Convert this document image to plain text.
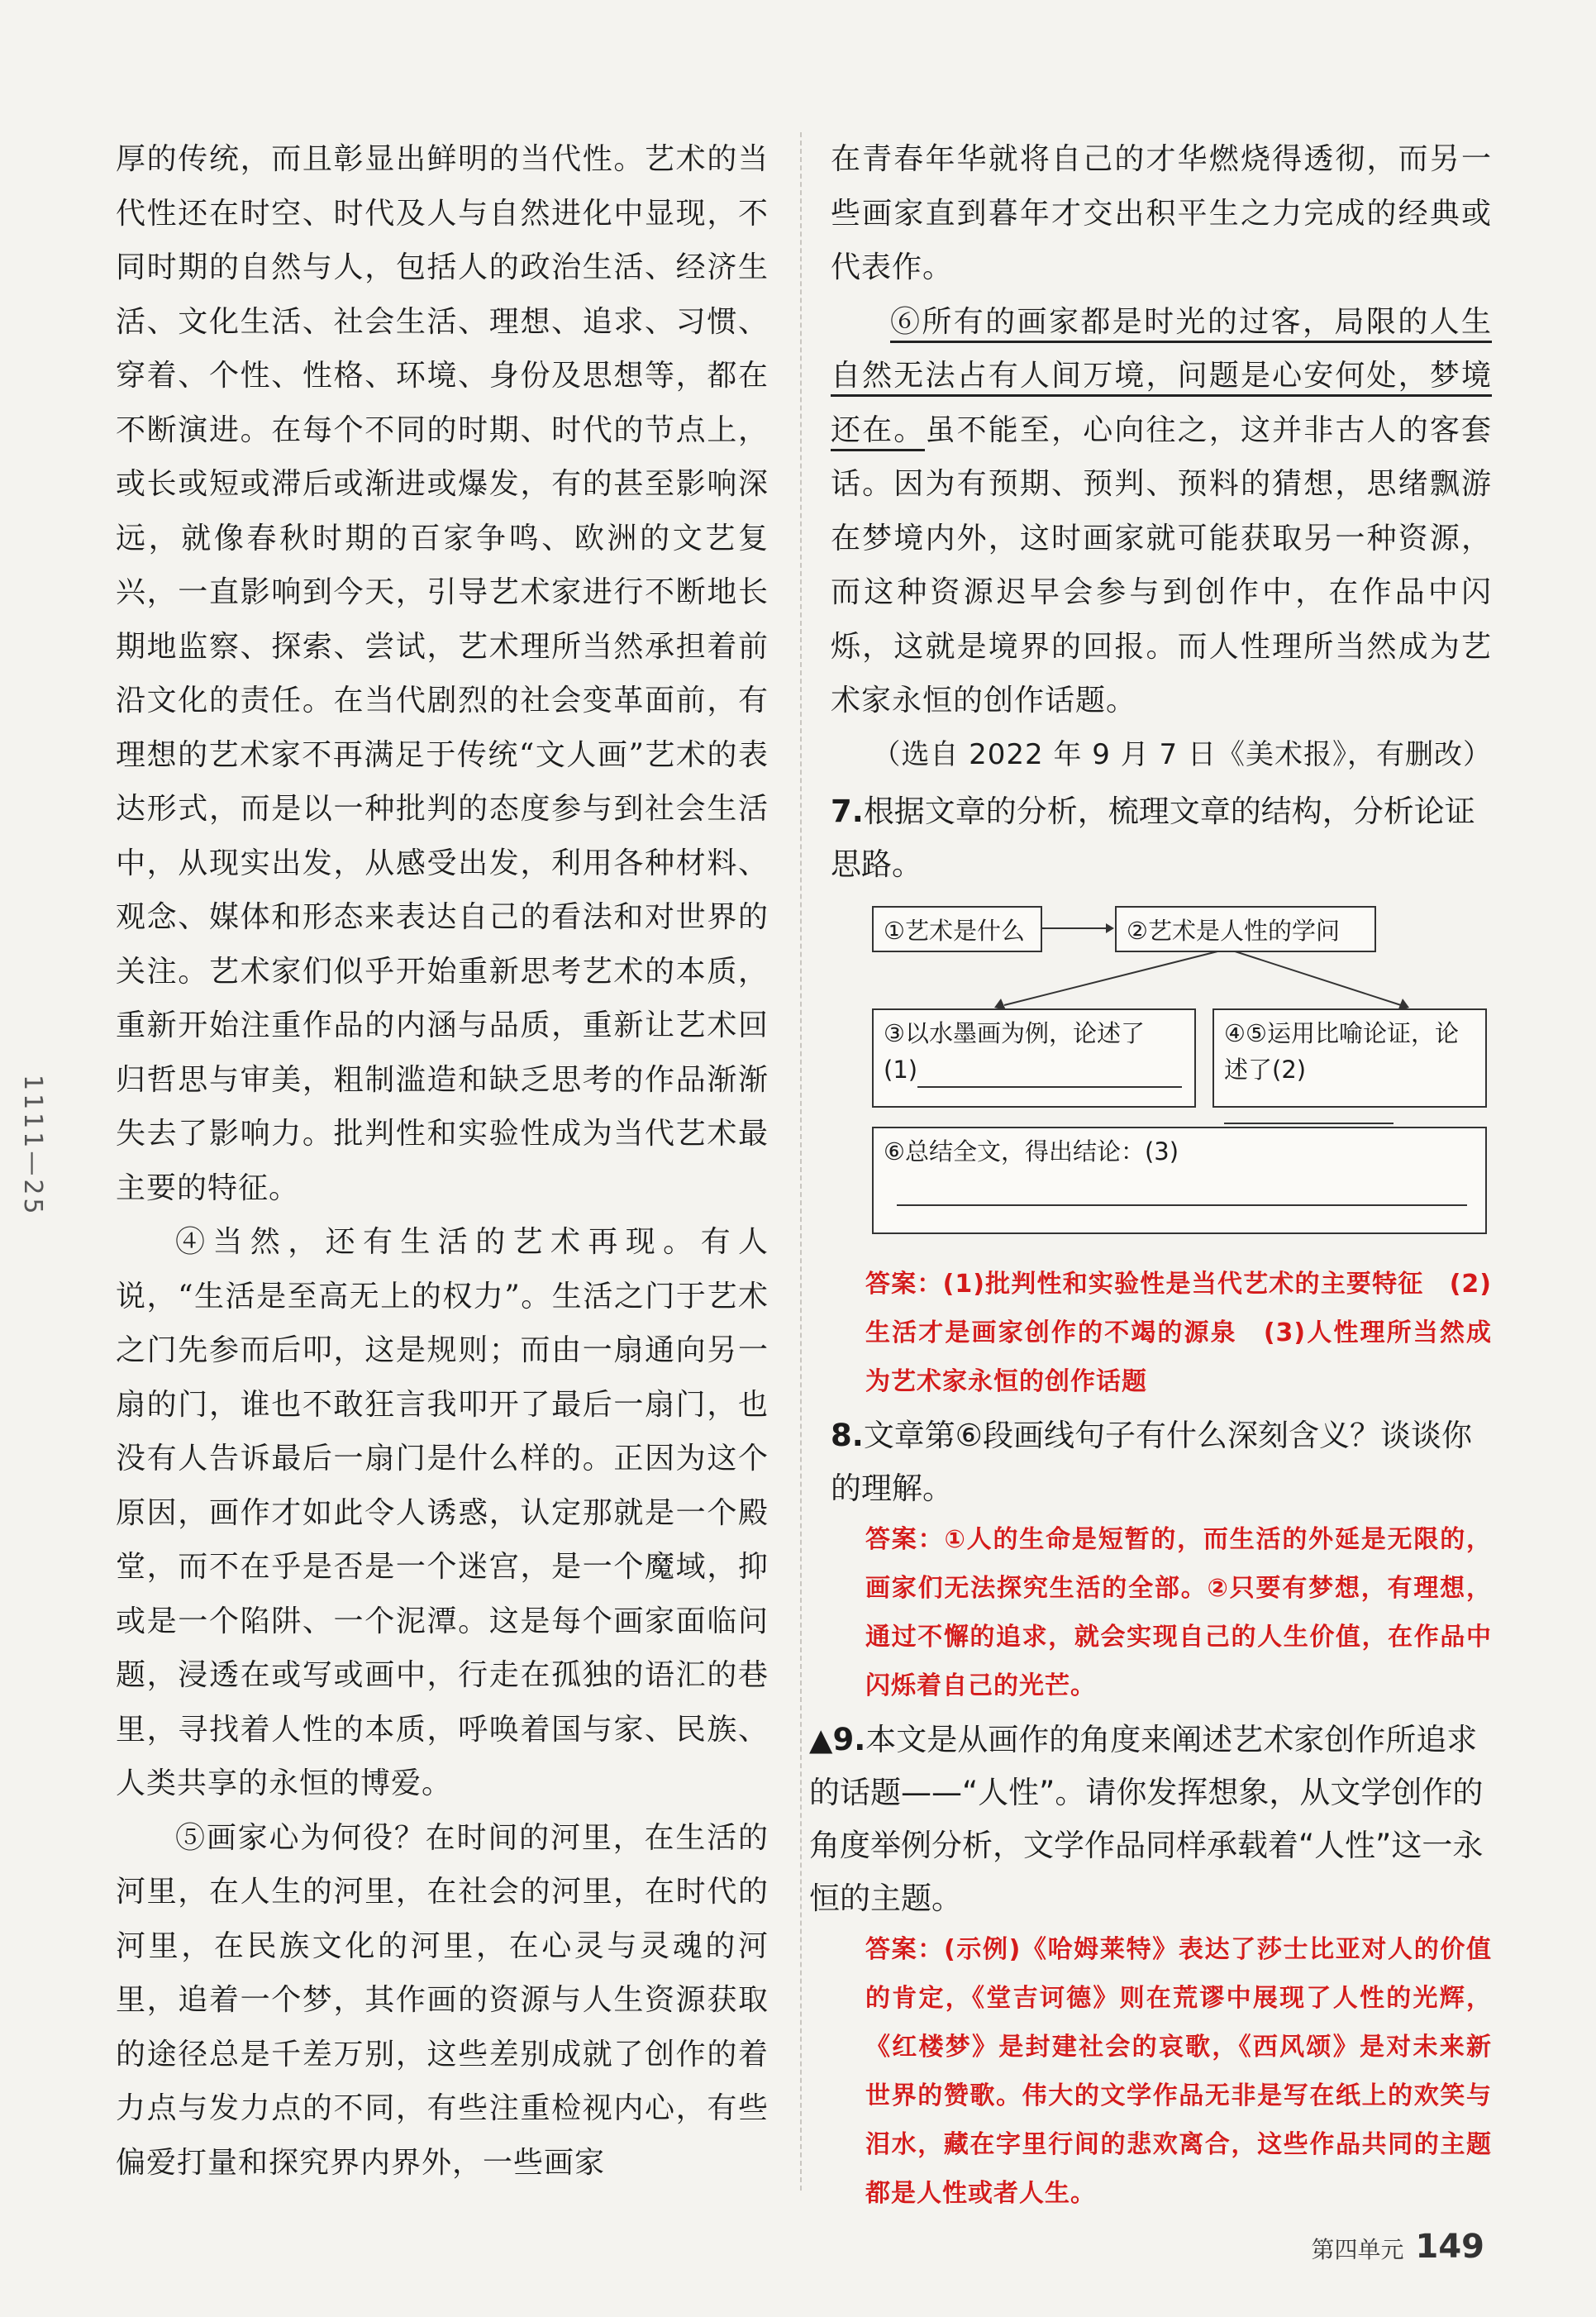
1111—25

厚的传统，而且彰显出鲜明的当代性。艺术的当代性还在时空、时代及人与自然进化中显现，不同时期的自然与人，包括人的政治生活、经济生活、文化生活、社会生活、理想、追求、习惯、穿着、个性、性格、环境、身份及思想等，都在不断演进。在每个不同的时期、时代的节点上，或长或短或滞后或渐进或爆发，有的甚至影响深远，就像春秋时期的百家争鸣、欧洲的文艺复兴，一直影响到今天，引导艺术家进行不断地长期地监察、探索、尝试，艺术理所当然承担着前沿文化的责任。在当代剧烈的社会变革面前，有理想的艺术家不再满足于传统“文人画”艺术的表达形式，而是以一种批判的态度参与到社会生活中，从现实出发，从感受出发，利用各种材料、观念、媒体和形态来表达自己的看法和对世界的关注。艺术家们似乎开始重新思考艺术的本质，重新开始注重作品的内涵与品质，重新让艺术回归哲思与审美，粗制滥造和缺乏思考的作品渐渐失去了影响力。批判性和实验性成为当代艺术最主要的特征。

④当然，还有生活的艺术再现。有人说，“生活是至高无上的权力”。生活之门于艺术之门先参而后叩，这是规则；而由一扇通向另一扇的门，谁也不敢狂言我叩开了最后一扇门，也没有人告诉最后一扇门是什么样的。正因为这个原因，画作才如此令人诱惑，认定那就是一个殿堂，而不在乎是否是一个迷宫，是一个魔域，抑或是一个陷阱、一个泥潭。这是每个画家面临问题，浸透在或写或画中，行走在孤独的语汇的巷里，寻找着人性的本质，呼唤着国与家、民族、人类共享的永恒的博爱。

⑤画家心为何役？在时间的河里，在生活的河里，在人生的河里，在社会的河里，在时代的河里，在民族文化的河里，在心灵与灵魂的河里，追着一个梦，其作画的资源与人生资源获取的途径总是千差万别，这些差别成就了创作的着力点与发力点的不同，有些注重检视内心，有些偏爱打量和探究界内界外，一些画家

在青春年华就将自己的才华燃烧得透彻，而另一些画家直到暮年才交出积平生之力完成的经典或代表作。

⑥所有的画家都是时光的过客，局限的人生自然无法占有人间万境，问题是心安何处，梦境还在。虽不能至，心向往之，这并非古人的客套话。因为有预期、预判、预料的猜想，思绪飘游在梦境内外，这时画家就可能获取另一种资源，而这种资源迟早会参与到创作中，在作品中闪烁，这就是境界的回报。而人性理所当然成为艺术家永恒的创作话题。

（选自 2022 年 9 月 7 日《美术报》，有删改）

7.根据文章的分析，梳理文章的结构，分析论证思路。
①艺术是什么	②艺术是人性的学问
③以水墨画为例，论述了
(1)
④⑤运用比喻论证，论
述了(2)
⑥总结全文，得出结论：(3)
答案：(1)批判性和实验性是当代艺术的主要特征　(2)生活才是画家创作的不竭的源泉　(3)人性理所当然成为艺术家永恒的创作话题
8.文章第⑥段画线句子有什么深刻含义？谈谈你的理解。
答案：①人的生命是短暂的，而生活的外延是无限的，画家们无法探究生活的全部。②只要有梦想，有理想，通过不懈的追求，就会实现自己的人生价值，在作品中闪烁着自己的光芒。
▲9.本文是从画作的角度来阐述艺术家创作所追求的话题——“人性”。请你发挥想象，从文学创作的角度举例分析，文学作品同样承载着“人性”这一永恒的主题。
答案：(示例)《哈姆莱特》表达了莎士比亚对人的价值的肯定，《堂吉诃德》则在荒谬中展现了人性的光辉，《红楼梦》是封建社会的哀歌，《西风颂》是对未来新世界的赞歌。伟大的文学作品无非是写在纸上的欢笑与泪水，藏在字里行间的悲欢离合，这些作品共同的主题都是人性或者人生。
第四单元 149
